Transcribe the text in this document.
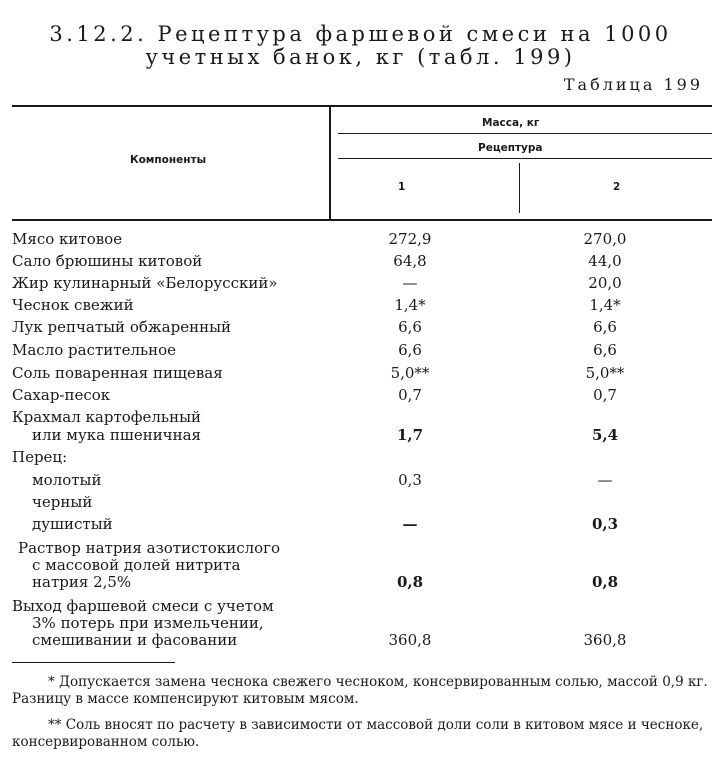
3.12.2. Рецептура фаршевой смеси на 1000
учетных банок, кг (табл. 199)
Таблица 199
Компоненты
Масса, кг
Рецептура
1	2
Мясо китовое	272,9	270,0
Сало брюшины китовой	64,8	44,0
Жир кулинарный «Белорусский»	—	20,0
Чеснок свежий	1,4*	1,4*
Лук репчатый обжаренный	6,6	6,6
Масло растительное	6,6	6,6
Соль поваренная пищевая	5,0**	5,0**
Сахар-песок	0,7	0,7
Крахмал картофельный
или мука пшеничная	1,7	5,4
Перец:
молотый	0,3	—
черный
душистый	—	0,3
Раствор натрия азотистокислого
с массовой долей нитрита
натрия 2,5%	0,8	0,8
Выход фаршевой смеси с учетом
3% потерь при измельчении,
смешивании и фасовании	360,8	360,8
* Допускается замена чеснока свежего чесноком, консервированным солью, массой 0,9 кг. Разницу в массе компенсируют китовым мясом.
** Соль вносят по расчету в зависимости от массовой доли соли в китовом мясе и чесноке, консервированном солью.
